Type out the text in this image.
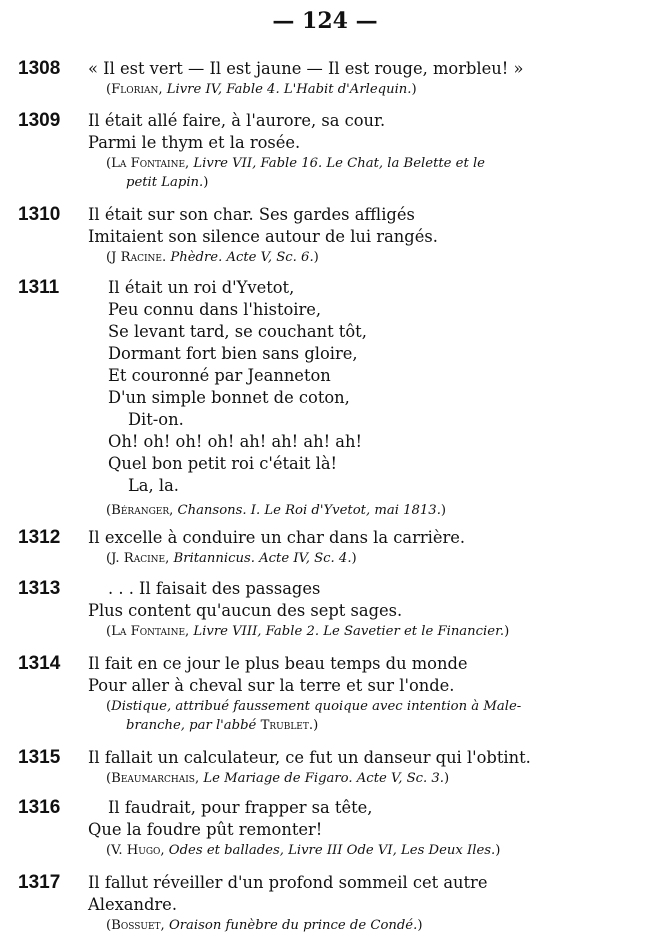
— 124 —
1308 « Il est vert — Il est jaune — Il est rouge, morbleu! »
(Florian, Livre IV, Fable 4. L'Habit d'Arlequin.)
1309 Il était allé faire, à l'aurore, sa cour.
Parmi le thym et la rosée.
(La Fontaine, Livre VII, Fable 16. Le Chat, la Belette et le
petit Lapin.)
1310 Il était sur son char. Ses gardes affligés
Imitaient son silence autour de lui rangés.
(J Racine. Phèdre. Acte V, Sc. 6.)
1311	Il était un roi d'Yvetot,
Peu connu dans l'histoire,
Se levant tard, se couchant tôt,
Dormant fort bien sans gloire,
Et couronné par Jeanneton
D'un simple bonnet de coton,
Dit-on.
Oh! oh! oh! oh! ah! ah! ah! ah!
Quel bon petit roi c'était là!
La, la.
(Béranger, Chansons. I. Le Roi d'Yvetot, mai 1813.)
1312 Il excelle à conduire un char dans la carrière.
(J. Racine, Britannicus. Acte IV, Sc. 4.)
1313	. . . Il faisait des passages
Plus content qu'aucun des sept sages.
(La Fontaine, Livre VIII, Fable 2. Le Savetier et le Financier.)
1314 Il fait en ce jour le plus beau temps du monde
Pour aller à cheval sur la terre et sur l'onde.
(Distique, attribué faussement quoique avec intention à Male-
branche, par l'abbé Trublet.)
1315 Il fallait un calculateur, ce fut un danseur qui l'obtint.
(Beaumarchais, Le Mariage de Figaro. Acte V, Sc. 3.)
1316	Il faudrait, pour frapper sa tête,
Que la foudre pût remonter!
(V. Hugo, Odes et ballades, Livre III Ode VI, Les Deux Iles.)
1317 Il fallut réveiller d'un profond sommeil cet autre
Alexandre.
(Bossuet, Oraison funèbre du prince de Condé.)
